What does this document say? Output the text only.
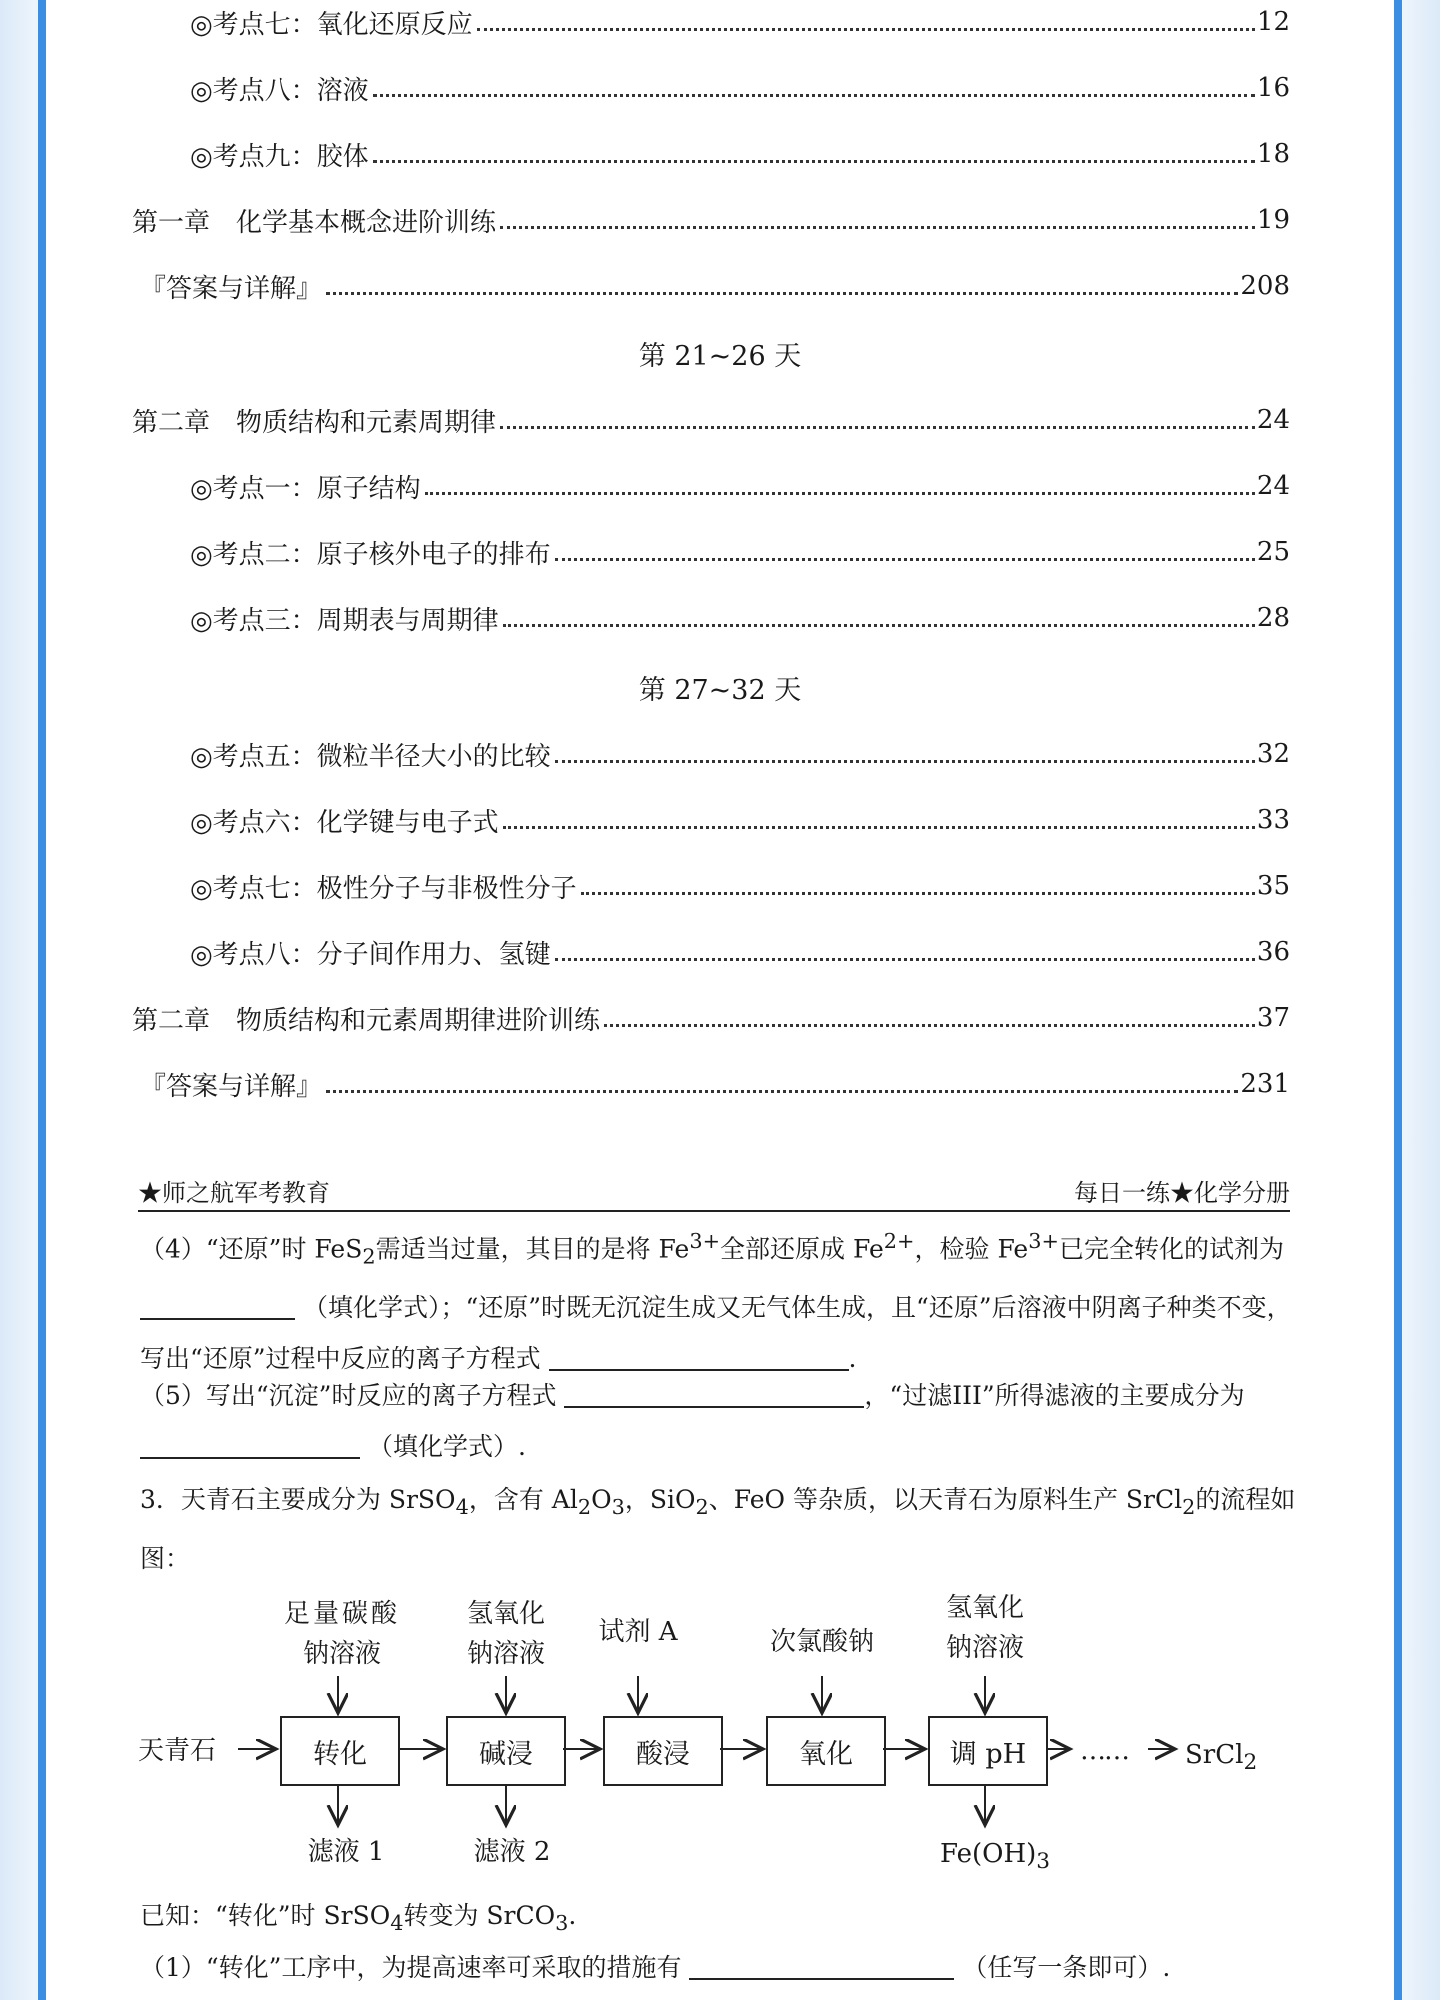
◎考点七：氧化还原反应	12
◎考点八：溶液	16
◎考点九：胶体	18
第一章　化学基本概念进阶训练	19
『答案与详解』	208
第 21~26 天
第二章　物质结构和元素周期律	24
◎考点一：原子结构	24
◎考点二：原子核外电子的排布	25
◎考点三：周期表与周期律	28
第 27~32 天
◎考点五：微粒半径大小的比较	32
◎考点六：化学键与电子式	33
◎考点七：极性分子与非极性分子	35
◎考点八：分子间作用力、氢键	36
第二章　物质结构和元素周期律进阶训练	37
『答案与详解』	231
★师之航军考教育	每日一练★化学分册

（4）“还原”时 FeS$_2$需适当过量，其目的是将 $Fe^{3+}$全部还原成 $Fe^{2+}$，检验 $Fe^{3+}$已完全转化的试剂为  （填化学式）；“还原”时既无沉淀生成又无气体生成，且“还原”后溶液中阴离子种类不变，写出“还原”过程中反应的离子方程式	.

（5）写出“沉淀”时反应的离子方程式	，“过滤III”所得滤液的主要成分为  （填化学式）.

3．天青石主要成分为 SrSO$_4$，含有 $Al_2O_3$，SiO$_2$、FeO 等杂质，以天青石为原料生产 SrCl$_2$的流程如图：

天青石	转化	碱浸	酸浸	氧化	调 pH
足量碳酸
钠溶液
氢氧化
钠溶液
试剂 A	次氯酸钠
氢氧化
钠溶液
滤液 1	滤液 2	$Fe(OH)_3$
…… SrCl$_2$

已知：“转化”时 SrSO$_4$转变为 SrCO$_3$.

（1）“转化”工序中，为提高速率可采取的措施有	（任写一条即可）.
